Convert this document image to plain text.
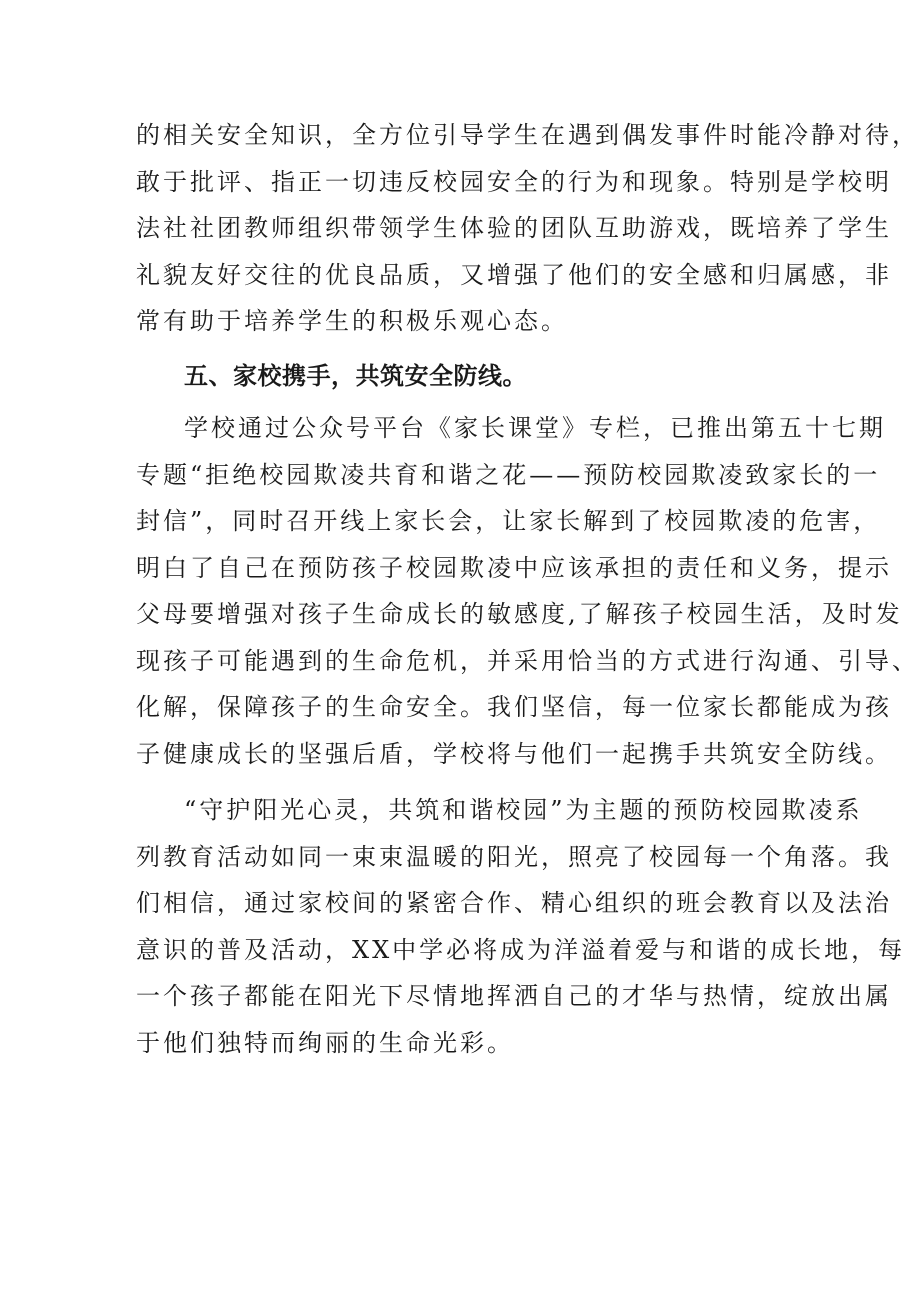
的相关安全知识，全方位引导学生在遇到偶发事件时能冷静对待，
敢于批评、指正一切违反校园安全的行为和现象。特别是学校明
法社社团教师组织带领学生体验的团队互助游戏，既培养了学生
礼貌友好交往的优良品质，又增强了他们的安全感和归属感，非
常有助于培养学生的积极乐观心态。
五、家校携手，共筑安全防线。
学校通过公众号平台《家长课堂》专栏，已推出第五十七期
专题“拒绝校园欺凌共育和谐之花——预防校园欺凌致家长的一
封信”，同时召开线上家长会，让家长解到了校园欺凌的危害，
明白了自己在预防孩子校园欺凌中应该承担的责任和义务，提示
父母要增强对孩子生命成长的敏感度,了解孩子校园生活，及时发
现孩子可能遇到的生命危机，并采用恰当的方式进行沟通、引导、
化解，保障孩子的生命安全。我们坚信，每一位家长都能成为孩
子健康成长的坚强后盾，学校将与他们一起携手共筑安全防线。
“守护阳光心灵，共筑和谐校园”为主题的预防校园欺凌系
列教育活动如同一束束温暖的阳光，照亮了校园每一个角落。我
们相信，通过家校间的紧密合作、精心组织的班会教育以及法治
意识的普及活动，XX中学必将成为洋溢着爱与和谐的成长地，每
一个孩子都能在阳光下尽情地挥洒自己的才华与热情，绽放出属
于他们独特而绚丽的生命光彩。
